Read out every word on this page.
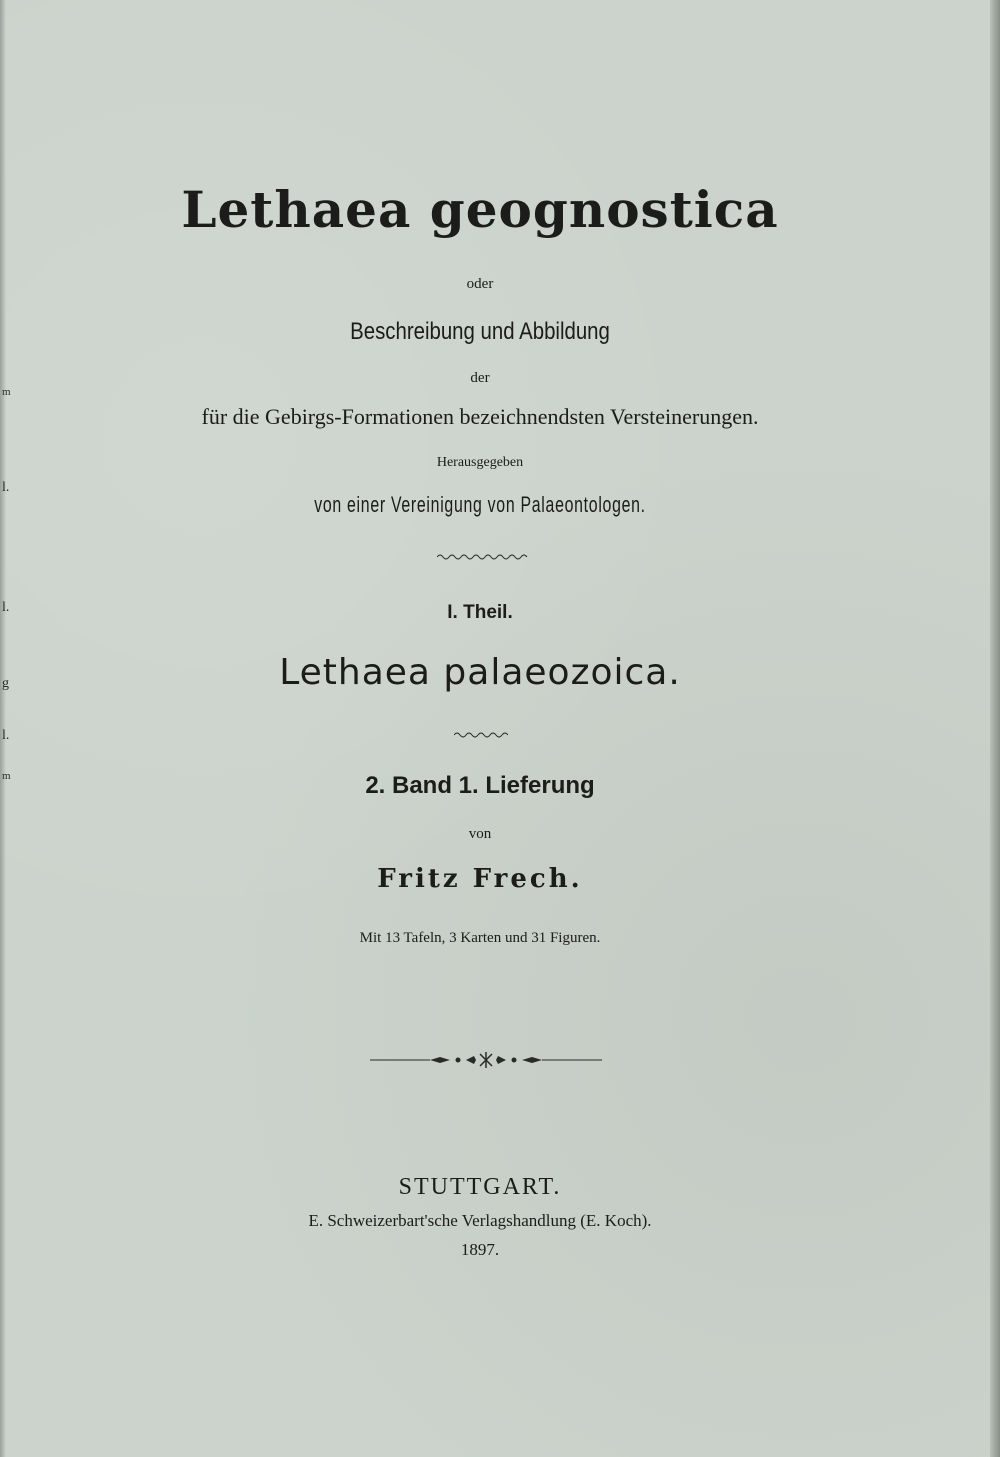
m
l.
l.
g
l.
m
Lethaea geognostica
oder
Beschreibung und Abbildung
der
für die Gebirgs-Formationen bezeichnendsten Versteinerungen.
Herausgegeben
von einer Vereinigung von Palaeontologen.
I. Theil.
Lethaea palaeozoica.
2. Band 1. Lieferung
von
Fritz Frech.
Mit 13 Tafeln, 3 Karten und 31 Figuren.
STUTTGART.
E. Schweizerbart'sche Verlagshandlung (E. Koch).
1897.
